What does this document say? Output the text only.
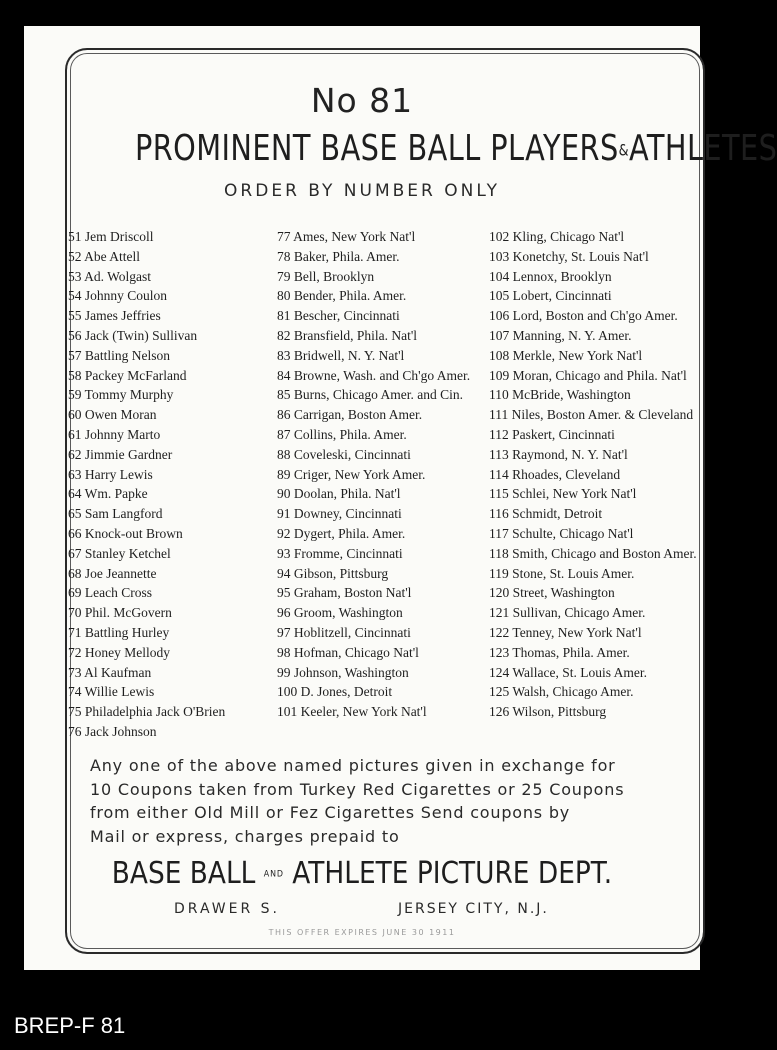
No 81
PROMINENT BASE BALL PLAYERS&ATHLETES
ORDER BY NUMBER ONLY
51 Jem Driscoll
52 Abe Attell
53 Ad. Wolgast
54 Johnny Coulon
55 James Jeffries
56 Jack (Twin) Sullivan
57 Battling Nelson
58 Packey McFarland
59 Tommy Murphy
60 Owen Moran
61 Johnny Marto
62 Jimmie Gardner
63 Harry Lewis
64 Wm. Papke
65 Sam Langford
66 Knock-out Brown
67 Stanley Ketchel
68 Joe Jeannette
69 Leach Cross
70 Phil. McGovern
71 Battling Hurley
72 Honey Mellody
73 Al Kaufman
74 Willie Lewis
75 Philadelphia Jack O'Brien
76 Jack Johnson
77 Ames, New York Nat'l
78 Baker, Phila. Amer.
79 Bell, Brooklyn
80 Bender, Phila. Amer.
81 Bescher, Cincinnati
82 Bransfield, Phila. Nat'l
83 Bridwell, N. Y. Nat'l
84 Browne, Wash. and Ch'go Amer.
85 Burns, Chicago Amer. and Cin.
86 Carrigan, Boston Amer.
87 Collins, Phila. Amer.
88 Coveleski, Cincinnati
89 Criger, New York Amer.
90 Doolan, Phila. Nat'l
91 Downey, Cincinnati
92 Dygert, Phila. Amer.
93 Fromme, Cincinnati
94 Gibson, Pittsburg
95 Graham, Boston Nat'l
96 Groom, Washington
97 Hoblitzell, Cincinnati
98 Hofman, Chicago Nat'l
99 Johnson, Washington
100 D. Jones, Detroit
101 Keeler, New York Nat'l
102 Kling, Chicago Nat'l
103 Konetchy, St. Louis Nat'l
104 Lennox, Brooklyn
105 Lobert, Cincinnati
106 Lord, Boston and Ch'go Amer.
107 Manning, N. Y. Amer.
108 Merkle, New York Nat'l
109 Moran, Chicago and Phila. Nat'l
110 McBride, Washington
111 Niles, Boston Amer. & Cleveland
112 Paskert, Cincinnati
113 Raymond, N. Y. Nat'l
114 Rhoades, Cleveland
115 Schlei, New York Nat'l
116 Schmidt, Detroit
117 Schulte, Chicago Nat'l
118 Smith, Chicago and Boston Amer.
119 Stone, St. Louis Amer.
120 Street, Washington
121 Sullivan, Chicago Amer.
122 Tenney, New York Nat'l
123 Thomas, Phila. Amer.
124 Wallace, St. Louis Amer.
125 Walsh, Chicago Amer.
126 Wilson, Pittsburg
Any one of the above named pictures given in exchange for
10 Coupons taken from Turkey Red Cigarettes or 25 Coupons
from either Old Mill or Fez Cigarettes Send coupons by
Mail or express, charges prepaid to
BASE BALL AND ATHLETE PICTURE DEPT.
DRAWER S.	JERSEY CITY, N.J.
THIS OFFER EXPIRES JUNE 30 1911
BREP-F 81
